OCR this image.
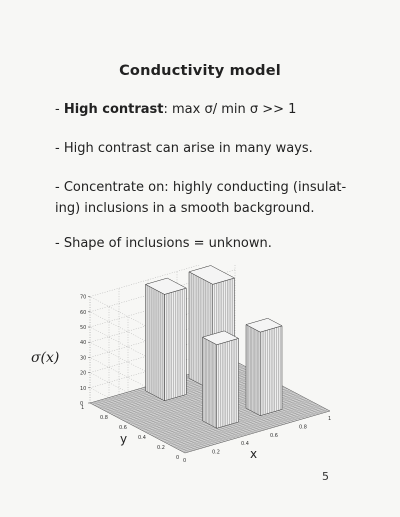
Conductivity model
- High contrast: max σ/ min σ >> 1
- High contrast can arise in many ways.
- Concentrate on: highly conducting (insulat-
ing) inclusions in a smooth background.
- Shape of inclusions = unknown.
σ(x)
0
10
20
30
40
50
60
70
0
0.2
0.4
0.6
0.8
1
0
0.2
0.4
0.6
0.8
1
y
x
5
